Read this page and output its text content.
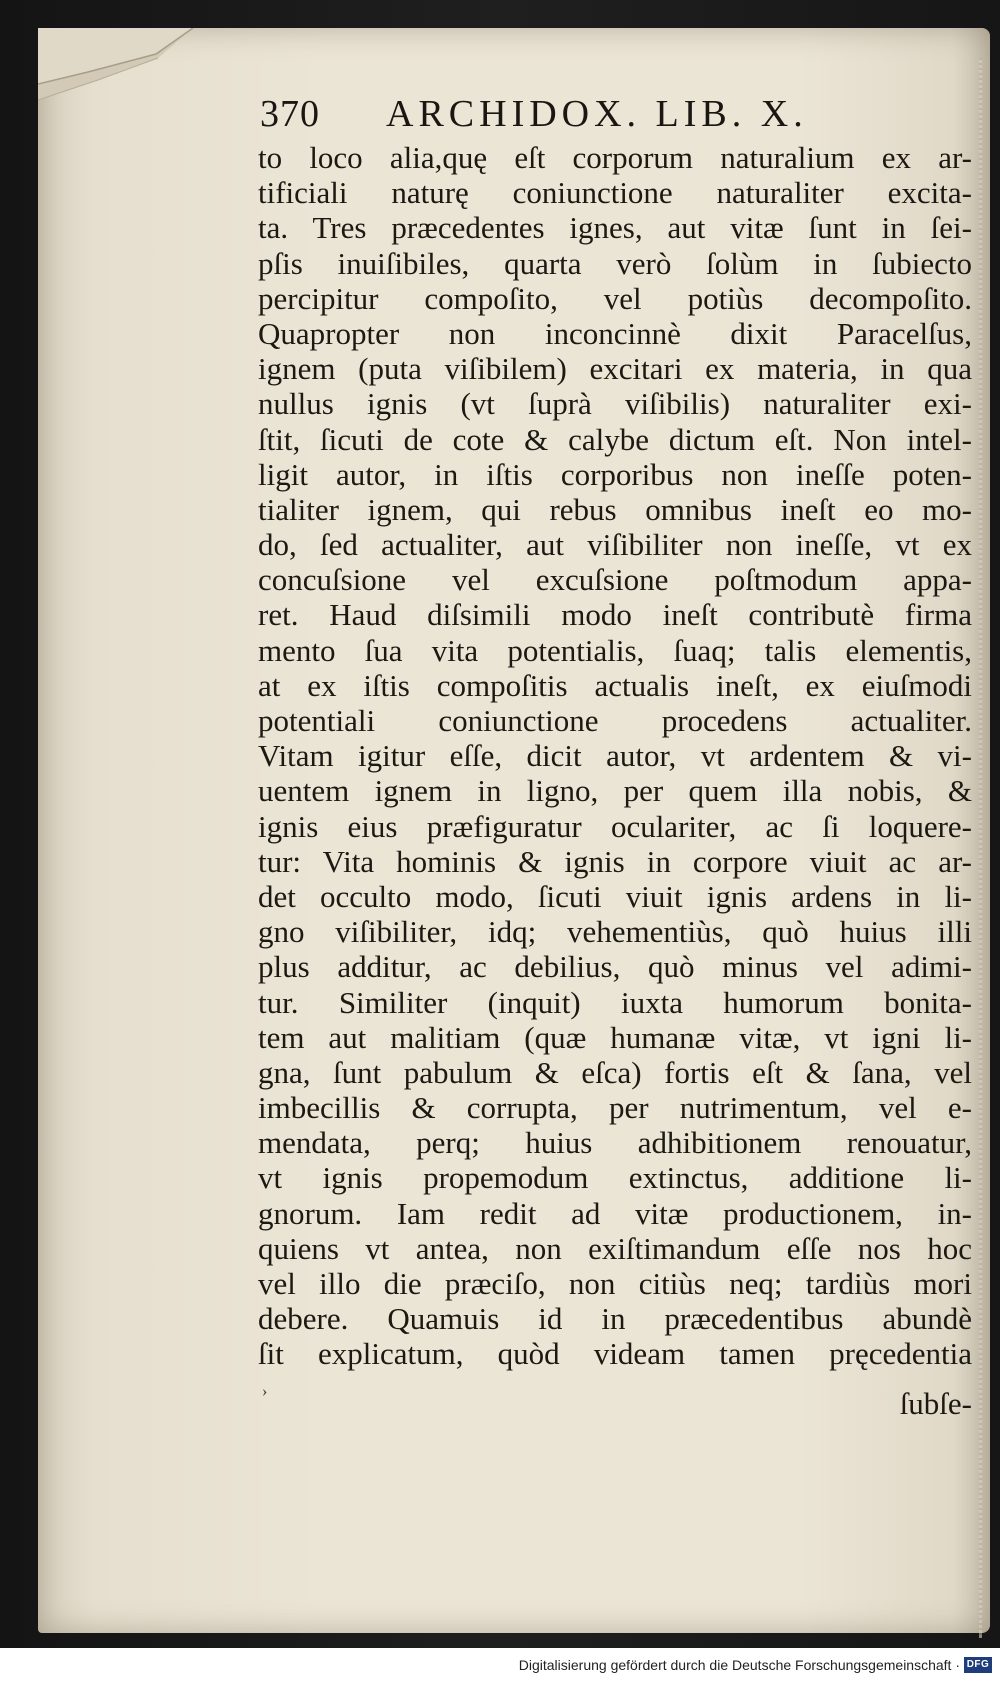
370 ARCHIDOX. LIB. X.
to loco alia,quę eſt corporum naturalium ex ar-
tificiali naturę coniunctione naturaliter excita-
ta. Tres præcedentes ignes, aut vitæ ſunt in ſei-
pſis inuiſibiles, quarta verò ſolùm in ſubiecto
percipitur compoſito, vel potiùs decompoſito.
Quapropter non inconcinnè dixit Paracelſus,
ignem (puta viſibilem) excitari ex materia, in qua
nullus ignis (vt ſuprà viſibilis) naturaliter exi-
ſtit, ſicuti de cote & calybe dictum eſt. Non intel-
ligit autor, in iſtis corporibus non ineſſe poten-
tialiter ignem, qui rebus omnibus ineſt eo mo-
do, ſed actualiter, aut viſibiliter non ineſſe, vt ex
concuſsione vel excuſsione poſtmodum appa-
ret. Haud diſsimili modo ineſt contributè firma
mento ſua vita potentialis, ſuaq; talis elementis,
at ex iſtis compoſitis actualis ineſt, ex eiuſmodi
potentiali coniunctione procedens actualiter.
Vitam igitur eſſe, dicit autor, vt ardentem & vi-
uentem ignem in ligno, per quem illa nobis, &
ignis eius præfiguratur oculariter, ac ſi loquere-
tur: Vita hominis & ignis in corpore viuit ac ar-
det occulto modo, ſicuti viuit ignis ardens in li-
gno viſibiliter, idq; vehementiùs, quò huius illi
plus additur, ac debilius, quò minus vel adimi-
tur. Similiter (inquit) iuxta humorum bonita-
tem aut malitiam (quæ humanæ vitæ, vt igni li-
gna, ſunt pabulum & eſca) fortis eſt & ſana, vel
imbecillis & corrupta, per nutrimentum, vel e-
mendata, perq; huius adhibitionem renouatur,
vt ignis propemodum extinctus, additione li-
gnorum. Iam redit ad vitæ productionem, in-
quiens vt antea, non exiſtimandum eſſe nos hoc
vel illo die præciſo, non citiùs neq; tardiùs mori
debere. Quamuis id in præcedentibus abundè
ſit explicatum, quòd videam tamen pręcedentia
›	ſubſe-
Digitalisierung gefördert durch die Deutsche Forschungsgemeinschaft · DFG
